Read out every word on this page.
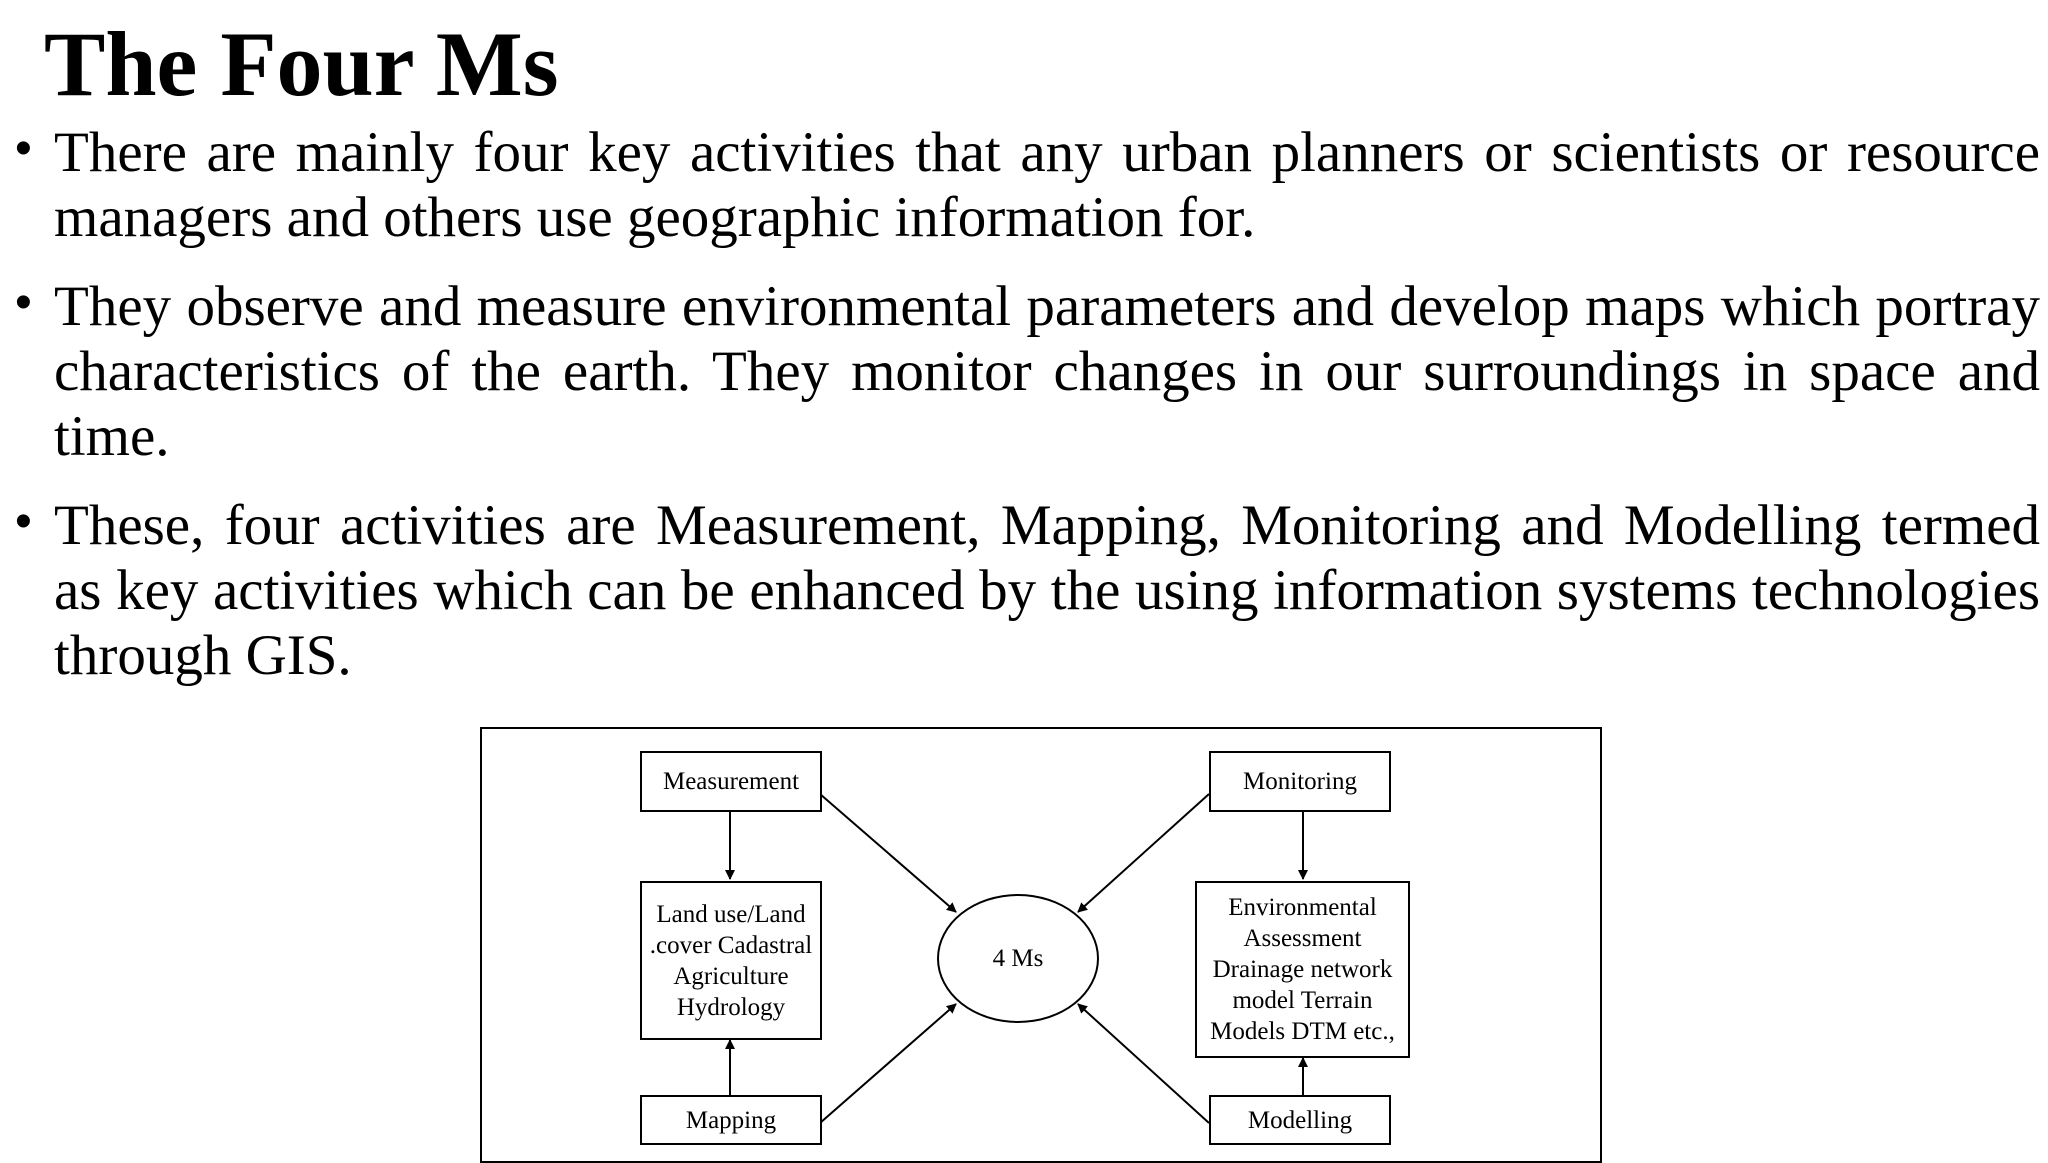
The Four Ms
• There are mainly four key activities that any urban planners or scientists or resource managers and others use geographic information for.
• They observe and measure environmental parameters and develop maps which portray characteristics of the earth. They monitor changes in our surroundings in space and time.
• These, four activities are Measurement, Mapping, Monitoring and Modelling termed as key activities which can be enhanced by the using information systems technologies through GIS.
Measurement	Monitoring
Land use/Land
.cover Cadastral
Agriculture
Hydrology
Environmental
Assessment
Drainage network
model Terrain
Models DTM etc.,
4 Ms
Mapping	Modelling
